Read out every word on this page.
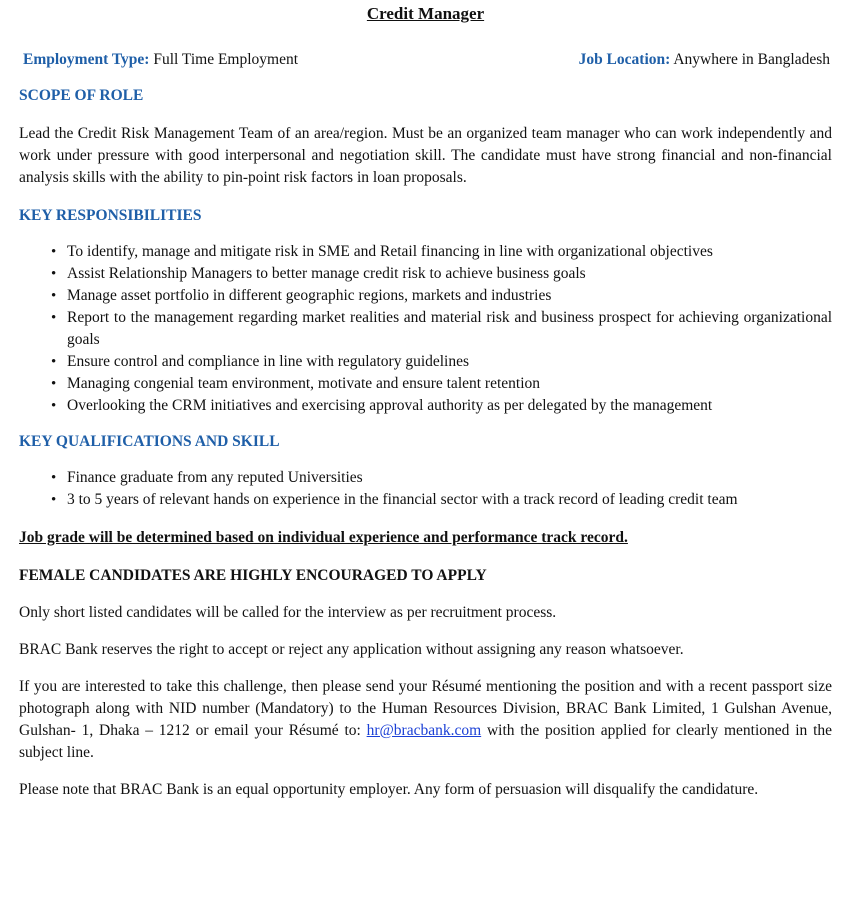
Credit Manager
Employment Type: Full Time Employment	Job Location: Anywhere in Bangladesh
SCOPE OF ROLE

Lead the Credit Risk Management Team of an area/region. Must be an organized team manager who can work independently and work under pressure with good interpersonal and negotiation skill. The candidate must have strong financial and non-financial analysis skills with the ability to pin-point risk factors in loan proposals.

KEY RESPONSIBILITIES
• To identify, manage and mitigate risk in SME and Retail financing in line with organizational objectives
• Assist Relationship Managers to better manage credit risk to achieve business goals
• Manage asset portfolio in different geographic regions, markets and industries
• Report to the management regarding market realities and material risk and business prospect for achieving organizational goals
• Ensure control and compliance in line with regulatory guidelines
• Managing congenial team environment, motivate and ensure talent retention
• Overlooking the CRM initiatives and exercising approval authority as per delegated by the management
KEY QUALIFICATIONS AND SKILL
• Finance graduate from any reputed Universities
• 3 to 5 years of relevant hands on experience in the financial sector with a track record of leading credit team

Job grade will be determined based on individual experience and performance track record.

FEMALE CANDIDATES ARE HIGHLY ENCOURAGED TO APPLY

Only short listed candidates will be called for the interview as per recruitment process.

BRAC Bank reserves the right to accept or reject any application without assigning any reason whatsoever.

If you are interested to take this challenge, then please send your Résumé mentioning the position and with a recent passport size photograph along with NID number (Mandatory) to the Human Resources Division, BRAC Bank Limited, 1 Gulshan Avenue, Gulshan- 1, Dhaka – 1212 or email your Résumé to: hr@bracbank.com with the position applied for clearly mentioned in the subject line.

Please note that BRAC Bank is an equal opportunity employer. Any form of persuasion will disqualify the candidature.
